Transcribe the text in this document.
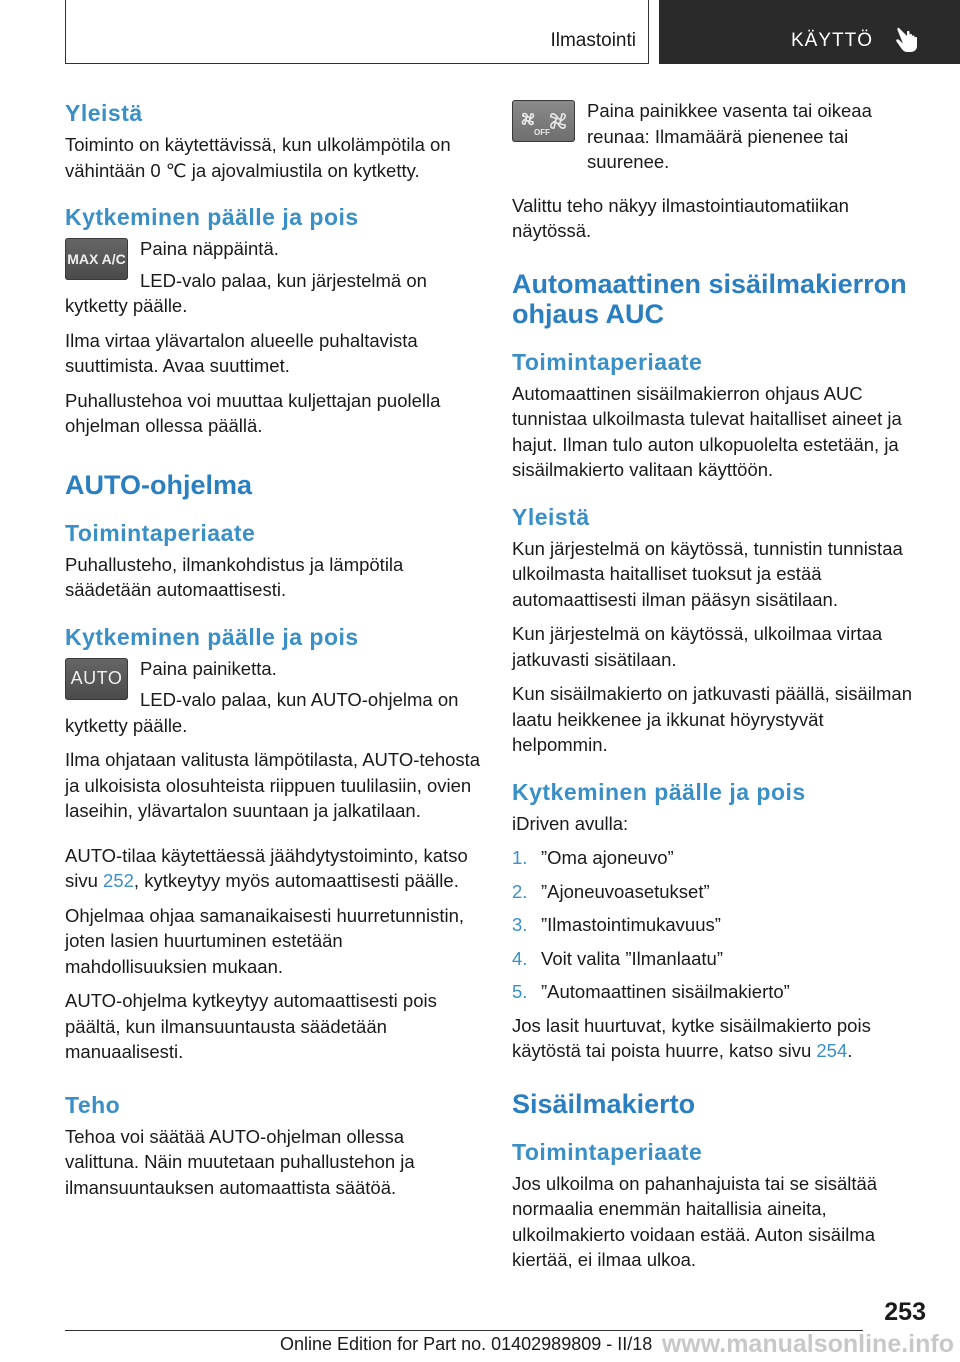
Ilmastointi	KÄYTTÖ
Yleistä

Toiminto on käytettävissä, kun ulkolämpötila on vähintään 0 ℃ ja ajovalmiustila on kytketty.

Kytkeminen päälle ja pois
MAX A/C Paina näppäintä.

LED-valo palaa, kun järjestelmä on kytketty päälle.

Ilma virtaa ylävartalon alueelle puhaltavista suuttimista. Avaa suuttimet.

Puhallustehoa voi muuttaa kuljettajan puolella ohjelman ollessa päällä.

AUTO-ohjelma
Toimintaperiaate

Puhallusteho, ilmankohdistus ja lämpötila säädetään automaattisesti.

Kytkeminen päälle ja pois
AUTO Paina painiketta.

LED-valo palaa, kun AUTO-ohjelma on kytketty päälle.

Ilma ohjataan valitusta lämpötilasta, AUTO-tehosta ja ulkoisista olosuhteista riippuen tuulilasiin, ovien laseihin, ylävartalon suuntaan ja jalkatilaan.

AUTO-tilaa käytettäessä jäähdytystoiminto, katso sivu 252, kytkeytyy myös automaattisesti päälle.

Ohjelmaa ohjaa samanaikaisesti huurretunnistin, joten lasien huurtuminen estetään mahdollisuuksien mukaan.

AUTO-ohjelma kytkeytyy automaattisesti pois päältä, kun ilmansuuntausta säädetään manuaalisesti.

Teho

Tehoa voi säätää AUTO-ohjelman ollessa valittuna. Näin muutetaan puhallustehon ja ilmansuuntauksen automaattista säätöä.

OFF

Paina painikkee vasenta tai oikeaa reunaa: Ilmamäärä pienenee tai suurenee.

Valittu teho näkyy ilmastointiautomatiikan näytössä.

Automaattinen sisäilmakierron ohjaus AUC
Toimintaperiaate

Automaattinen sisäilmakierron ohjaus AUC tunnistaa ulkoilmasta tulevat haitalliset aineet ja hajut. Ilman tulo auton ulkopuolelta estetään, ja sisäilmakierto valitaan käyttöön.

Yleistä

Kun järjestelmä on käytössä, tunnistin tunnistaa ulkoilmasta haitalliset tuoksut ja estää automaattisesti ilman pääsyn sisätilaan.

Kun järjestelmä on käytössä, ulkoilmaa virtaa jatkuvasti sisätilaan.

Kun sisäilmakierto on jatkuvasti päällä, sisäilman laatu heikkenee ja ikkunat höyrystyvät helpommin.

Kytkeminen päälle ja pois

iDriven avulla:

1. ”Oma ajoneuvo”
2. ”Ajoneuvoasetukset”
3. ”Ilmastointimukavuus”
4. Voit valita ”Ilmanlaatu”
5. ”Automaattinen sisäilmakierto”

Jos lasit huurtuvat, kytke sisäilmakierto pois käytöstä tai poista huurre, katso sivu 254.

Sisäilmakierto
Toimintaperiaate

Jos ulkoilma on pahanhajuista tai se sisältää normaalia enemmän haitallisia aineita, ulkoilmakierto voidaan estää. Auton sisäilma kiertää, ei ilmaa ulkoa.

253
Online Edition for Part no. 01402989809 - II/18 www.manualsonline.info
